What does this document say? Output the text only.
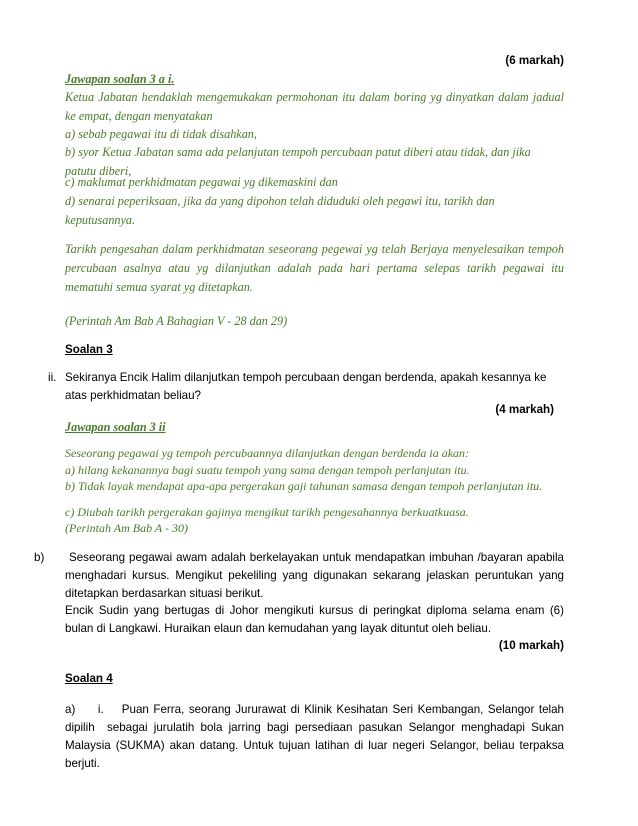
(6 markah)
Jawapan soalan 3 a i.
Ketua Jabatan hendaklah mengemukakan permohonan itu dalam boring yg dinyatkan dalam jadual ke empat, dengan menyatakan
a) sebab pegawai itu di tidak disahkan,
b) syor Ketua Jabatan sama ada pelanjutan tempoh percubaan patut diberi atau tidak, dan jika patutu diberi,
c) maklumat perkhidmatan pegawai yg dikemaskini dan
d) senarai peperiksaan, jika da yang dipohon telah diduduki oleh pegawi itu, tarikh dan keputusannya.
Tarikh pengesahan dalam perkhidmatan seseorang pegewai yg telah Berjaya menyelesaikan tempoh percubaan asalnya atau yg dilanjutkan adalah pada hari pertama selepas tarikh pegawai itu mematuhi semua syarat yg ditetapkan.
(Perintah Am Bab A Bahagian V - 28 dan 29)
Soalan 3
ii. Sekiranya Encik Halim dilanjutkan tempoh percubaan dengan berdenda, apakah kesannya ke atas perkhidmatan beliau?
(4 markah)
Jawapan soalan 3 ii
Seseorang pegawai yg tempoh percubaannya dilanjutkan dengan berdenda ia akan:
a) hilang kekanannya bagi suatu tempoh yang sama dengan tempoh perlanjutan itu.
b) Tidak layak mendapat apa-apa pergerakan gaji tahunan samasa dengan tempoh perlanjutan itu.
c) Diubah tarikh pergerakan gajinya mengikut tarikh pengesahannya berkuatkuasa.
(Perintah Am Bab A - 30)
b)	Seseorang pegawai awam adalah berkelayakan untuk mendapatkan imbuhan /bayaran apabila menghadari kursus. Mengikut pekeliling yang digunakan sekarang jelaskan peruntukan yang ditetapkan berdasarkan situasi berikut.
Encik Sudin yang bertugas di Johor mengikuti kursus di peringkat diploma selama enam (6) bulan di Langkawi. Huraikan elaun dan kemudahan yang layak dituntut oleh beliau.
(10 markah)
Soalan 4
a)     i.    Puan Ferra, seorang Jururawat di Klinik Kesihatan Seri Kembangan, Selangor telah dipilih  sebagai jurulatih bola jarring bagi persediaan pasukan Selangor menghadapi Sukan Malaysia (SUKMA) akan datang. Untuk tujuan latihan di luar negeri Selangor, beliau terpaksa berjuti.
